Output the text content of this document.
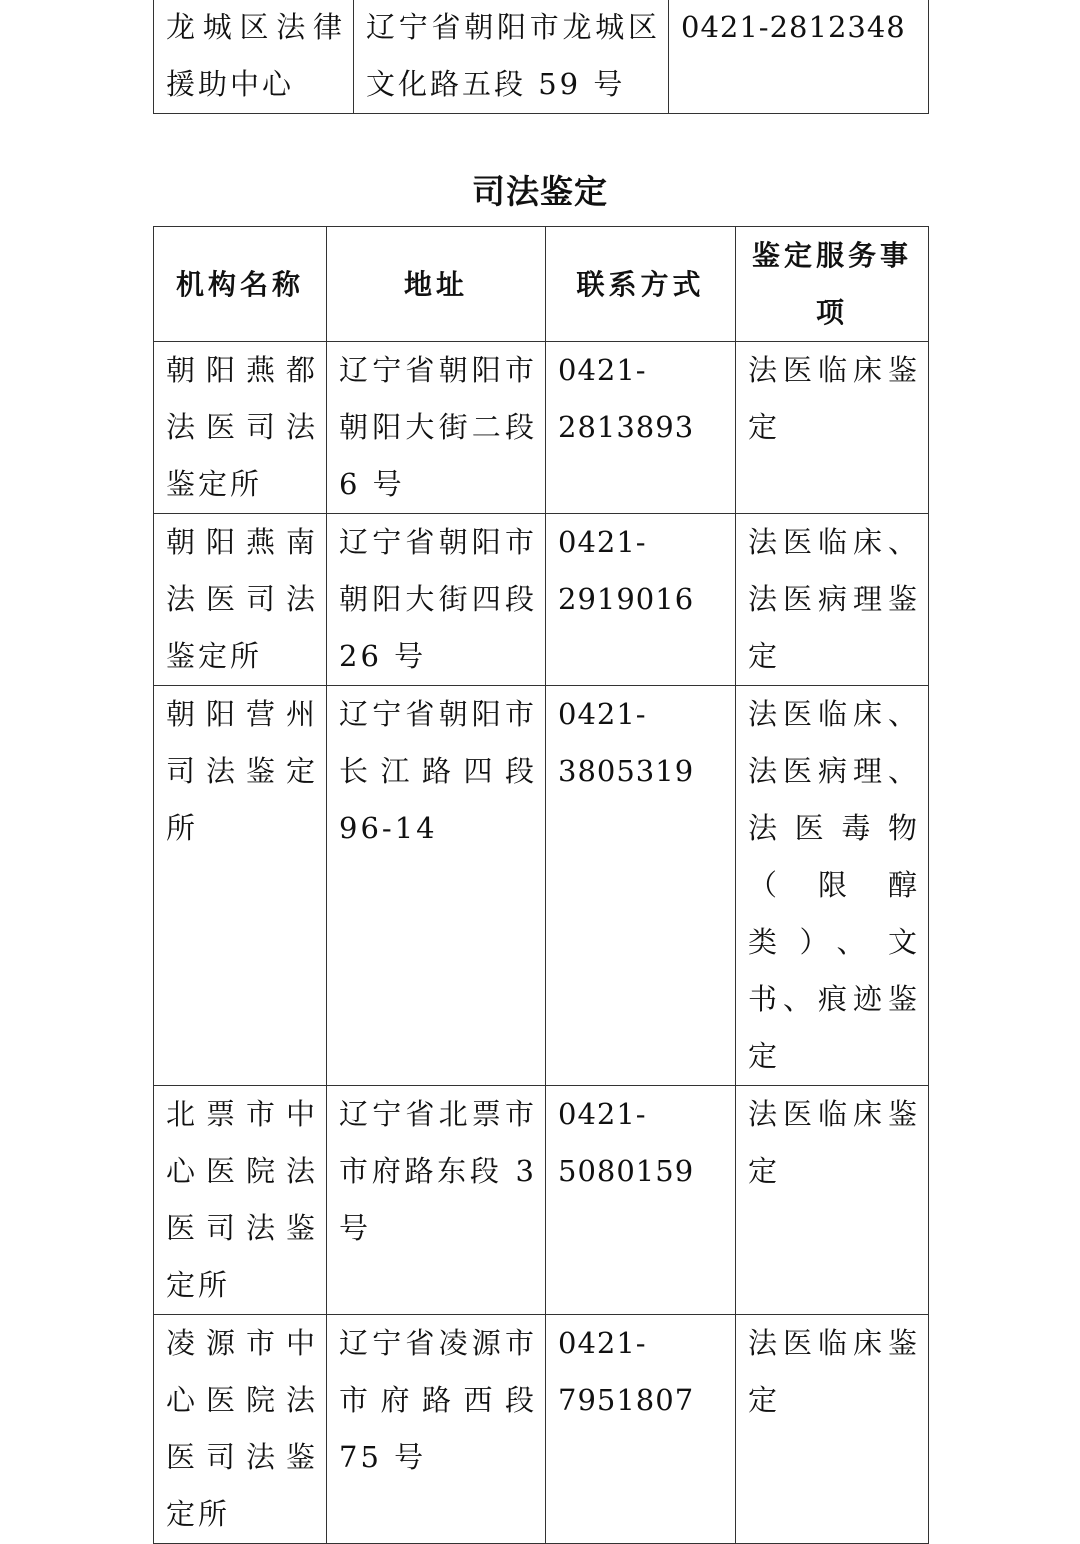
龙城区法律援助中心	辽宁省朝阳市龙城区文化路五段 59 号	0421-2812348
司法鉴定
机构名称	地址	联系方式	鉴定服务事项
朝阳燕都法医司法鉴定所	辽宁省朝阳市朝阳大街二段 6 号	0421-2813893	法医临床鉴定
朝阳燕南法医司法鉴定所	辽宁省朝阳市朝阳大街四段 26 号	0421-2919016	法医临床、法医病理鉴定
朝阳营州司法鉴定所	辽宁省朝阳市长江路四段 96-14	0421-3805319	法医临床、法医病理、法医毒物（限醇类）、文书、痕迹鉴定
北票市中心医院法医司法鉴定所	辽宁省北票市市府路东段 3 号	0421-5080159	法医临床鉴定
凌源市中心医院法医司法鉴定所	辽宁省凌源市市府路西段 75 号	0421-7951807	法医临床鉴定
